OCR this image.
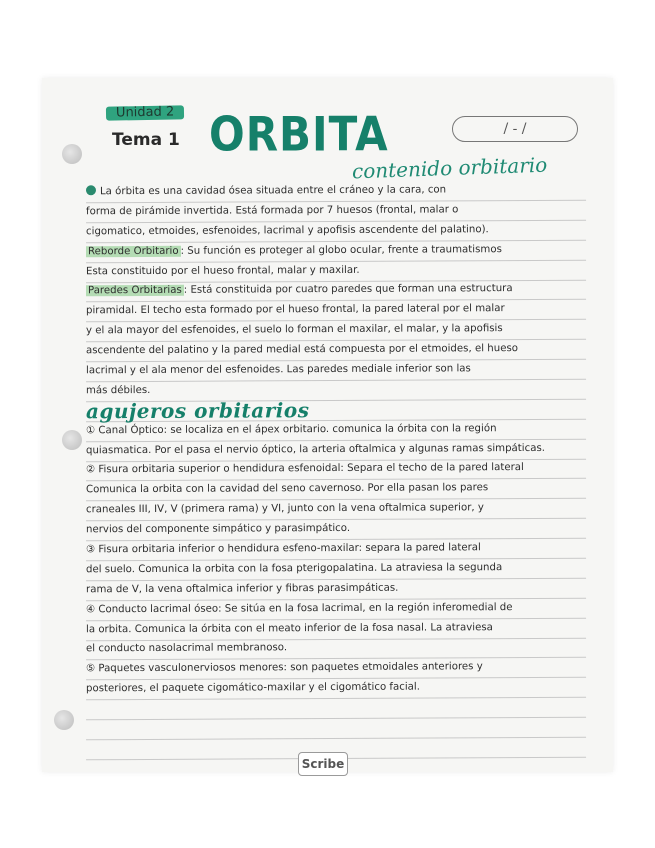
Unidad 2
Tema 1 ORBITA	/ - /
contenido orbitario
La órbita es una cavidad ósea situada entre el cráneo y la cara, con
forma de pirámide invertida. Está formada por 7 huesos (frontal, malar o
cigomatico, etmoides, esfenoides, lacrimal y apofisis ascendente del palatino).
Reborde Orbitario : Su función es proteger al globo ocular, frente a traumatismos
Esta constituido por el hueso frontal, malar y maxilar.
Paredes Orbitarias : Está constituida por cuatro paredes que forman una estructura
piramidal. El techo esta formado por el hueso frontal, la pared lateral por el malar
y el ala mayor del esfenoides, el suelo lo forman el maxilar, el malar, y la apofisis
ascendente del palatino y la pared medial está compuesta por el etmoides, el hueso
lacrimal y el ala menor del esfenoides. Las paredes mediale inferior son las
más débiles.
agujeros orbitarios
① Canal Óptico: se localiza en el ápex orbitario. comunica la órbita con la región
quiasmatica. Por el pasa el nervio óptico, la arteria oftalmica y algunas ramas simpáticas.
② Fisura orbitaria superior o hendidura esfenoidal: Separa el techo de la pared lateral
Comunica la orbita con la cavidad del seno cavernoso. Por ella pasan los pares
craneales III, IV, V (primera rama) y VI, junto con la vena oftalmica superior, y
nervios del componente simpático y parasimpático.
③ Fisura orbitaria inferior o hendidura esfeno-maxilar: separa la pared lateral
del suelo. Comunica la orbita con la fosa pterigopalatina. La atraviesa la segunda
rama de V, la vena oftalmica inferior y fibras parasimpáticas.
④ Conducto lacrimal óseo: Se sitúa en la fosa lacrimal, en la región inferomedial de
la orbita. Comunica la órbita con el meato inferior de la fosa nasal. La atraviesa
el conducto nasolacrimal membranoso.
⑤ Paquetes vasculonerviosos menores: son paquetes etmoidales anteriores y
posteriores, el paquete cigomático-maxilar y el cigomático facial.
Scribe
